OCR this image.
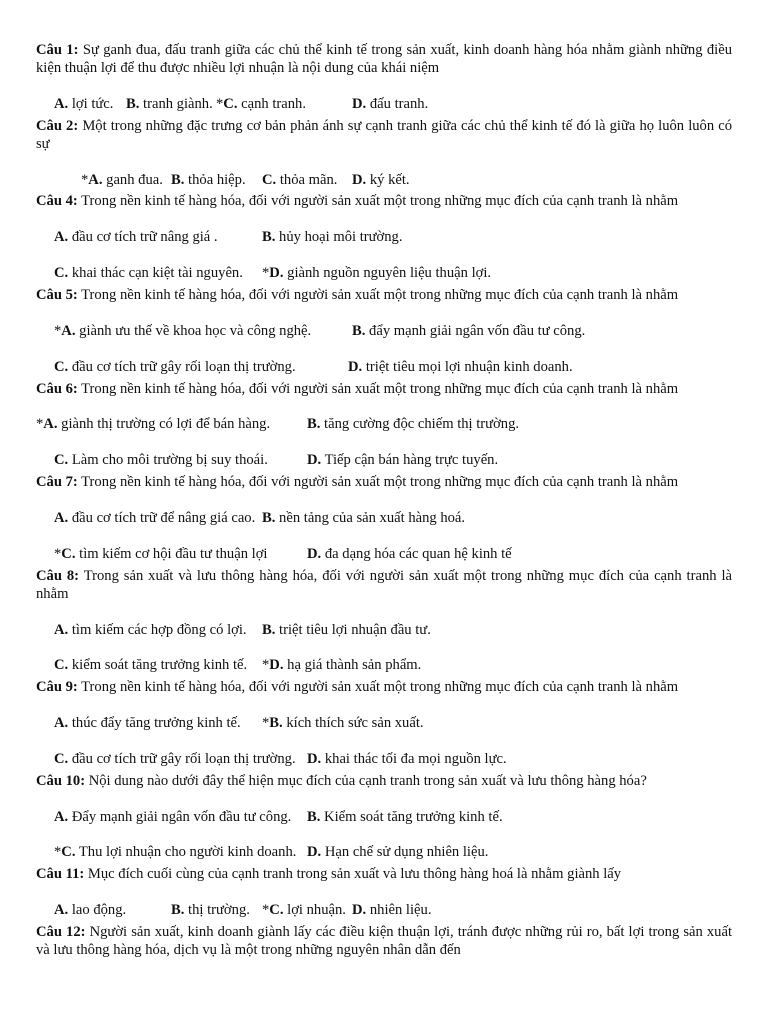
Câu 1: Sự ganh đua, đấu tranh giữa các chủ thể kinh tế trong sản xuất, kinh doanh hàng hóa nhằm giành những điều kiện thuận lợi để thu được nhiều lợi nhuận là nội dung của khái niệm
A. lợi tức. B. tranh giành. *C. cạnh tranh.	D. đấu tranh.
Câu 2: Một trong những đặc trưng cơ bản phản ánh sự cạnh tranh giữa các chủ thể kinh tế đó là giữa họ luôn luôn có sự
*A. ganh đua. B. thỏa hiệp. C. thỏa mãn. D. ký kết.
Câu 4: Trong nền kinh tế hàng hóa, đối với người sản xuất một trong những mục đích của cạnh tranh là nhằm
A. đầu cơ tích trữ nâng giá .	B. hủy hoại môi trường.
C. khai thác cạn kiệt tài nguyên. *D. giành nguồn nguyên liệu thuận lợi.
Câu 5: Trong nền kinh tế hàng hóa, đối với người sản xuất một trong những mục đích của cạnh tranh là nhằm
*A. giành ưu thế về khoa học và công nghệ.	B. đẩy mạnh giải ngân vốn đầu tư công.
C. đầu cơ tích trữ gây rối loạn thị trường.	D. triệt tiêu mọi lợi nhuận kinh doanh.
Câu 6: Trong nền kinh tế hàng hóa, đối với người sản xuất một trong những mục đích của cạnh tranh là nhằm
*A. giành thị trường có lợi để bán hàng.	B. tăng cường độc chiếm thị trường.
C. Làm cho môi trường bị suy thoái.	D. Tiếp cận bán hàng trực tuyến.
Câu 7: Trong nền kinh tế hàng hóa, đối với người sản xuất một trong những mục đích của cạnh tranh là nhằm
A. đầu cơ tích trữ để nâng giá cao. B. nền tảng của sản xuất hàng hoá.
*C. tìm kiếm cơ hội đầu tư thuận lợi	D. đa dạng hóa các quan hệ kinh tế
Câu 8: Trong sản xuất và lưu thông hàng hóa, đối với người sản xuất một trong những mục đích của cạnh tranh là nhằm
A. tìm kiếm các hợp đồng có lợi. B. triệt tiêu lợi nhuận đầu tư.
C. kiểm soát tăng trưởng kinh tế. *D. hạ giá thành sản phẩm.
Câu 9: Trong nền kinh tế hàng hóa, đối với người sản xuất một trong những mục đích của cạnh tranh là nhằm
A. thúc đẩy tăng trưởng kinh tế. *B. kích thích sức sản xuất.
C. đầu cơ tích trữ gây rối loạn thị trường. D. khai thác tối đa mọi nguồn lực.
Câu 10: Nội dung nào dưới đây thể hiện mục đích của cạnh tranh trong sản xuất và lưu thông hàng hóa?
A. Đẩy mạnh giải ngân vốn đầu tư công. B. Kiểm soát tăng trưởng kinh tế.
*C. Thu lợi nhuận cho người kinh doanh. D. Hạn chế sử dụng nhiên liệu.
Câu 11: Mục đích cuối cùng của cạnh tranh trong sản xuất và lưu thông hàng hoá là nhằm giành lấy
A. lao động.	B. thị trường. *C. lợi nhuận. D. nhiên liệu.
Câu 12: Người sản xuất, kinh doanh giành lấy các điều kiện thuận lợi, tránh được những rủi ro, bất lợi trong sản xuất và lưu thông hàng hóa, dịch vụ là một trong những nguyên nhân dẫn đến
